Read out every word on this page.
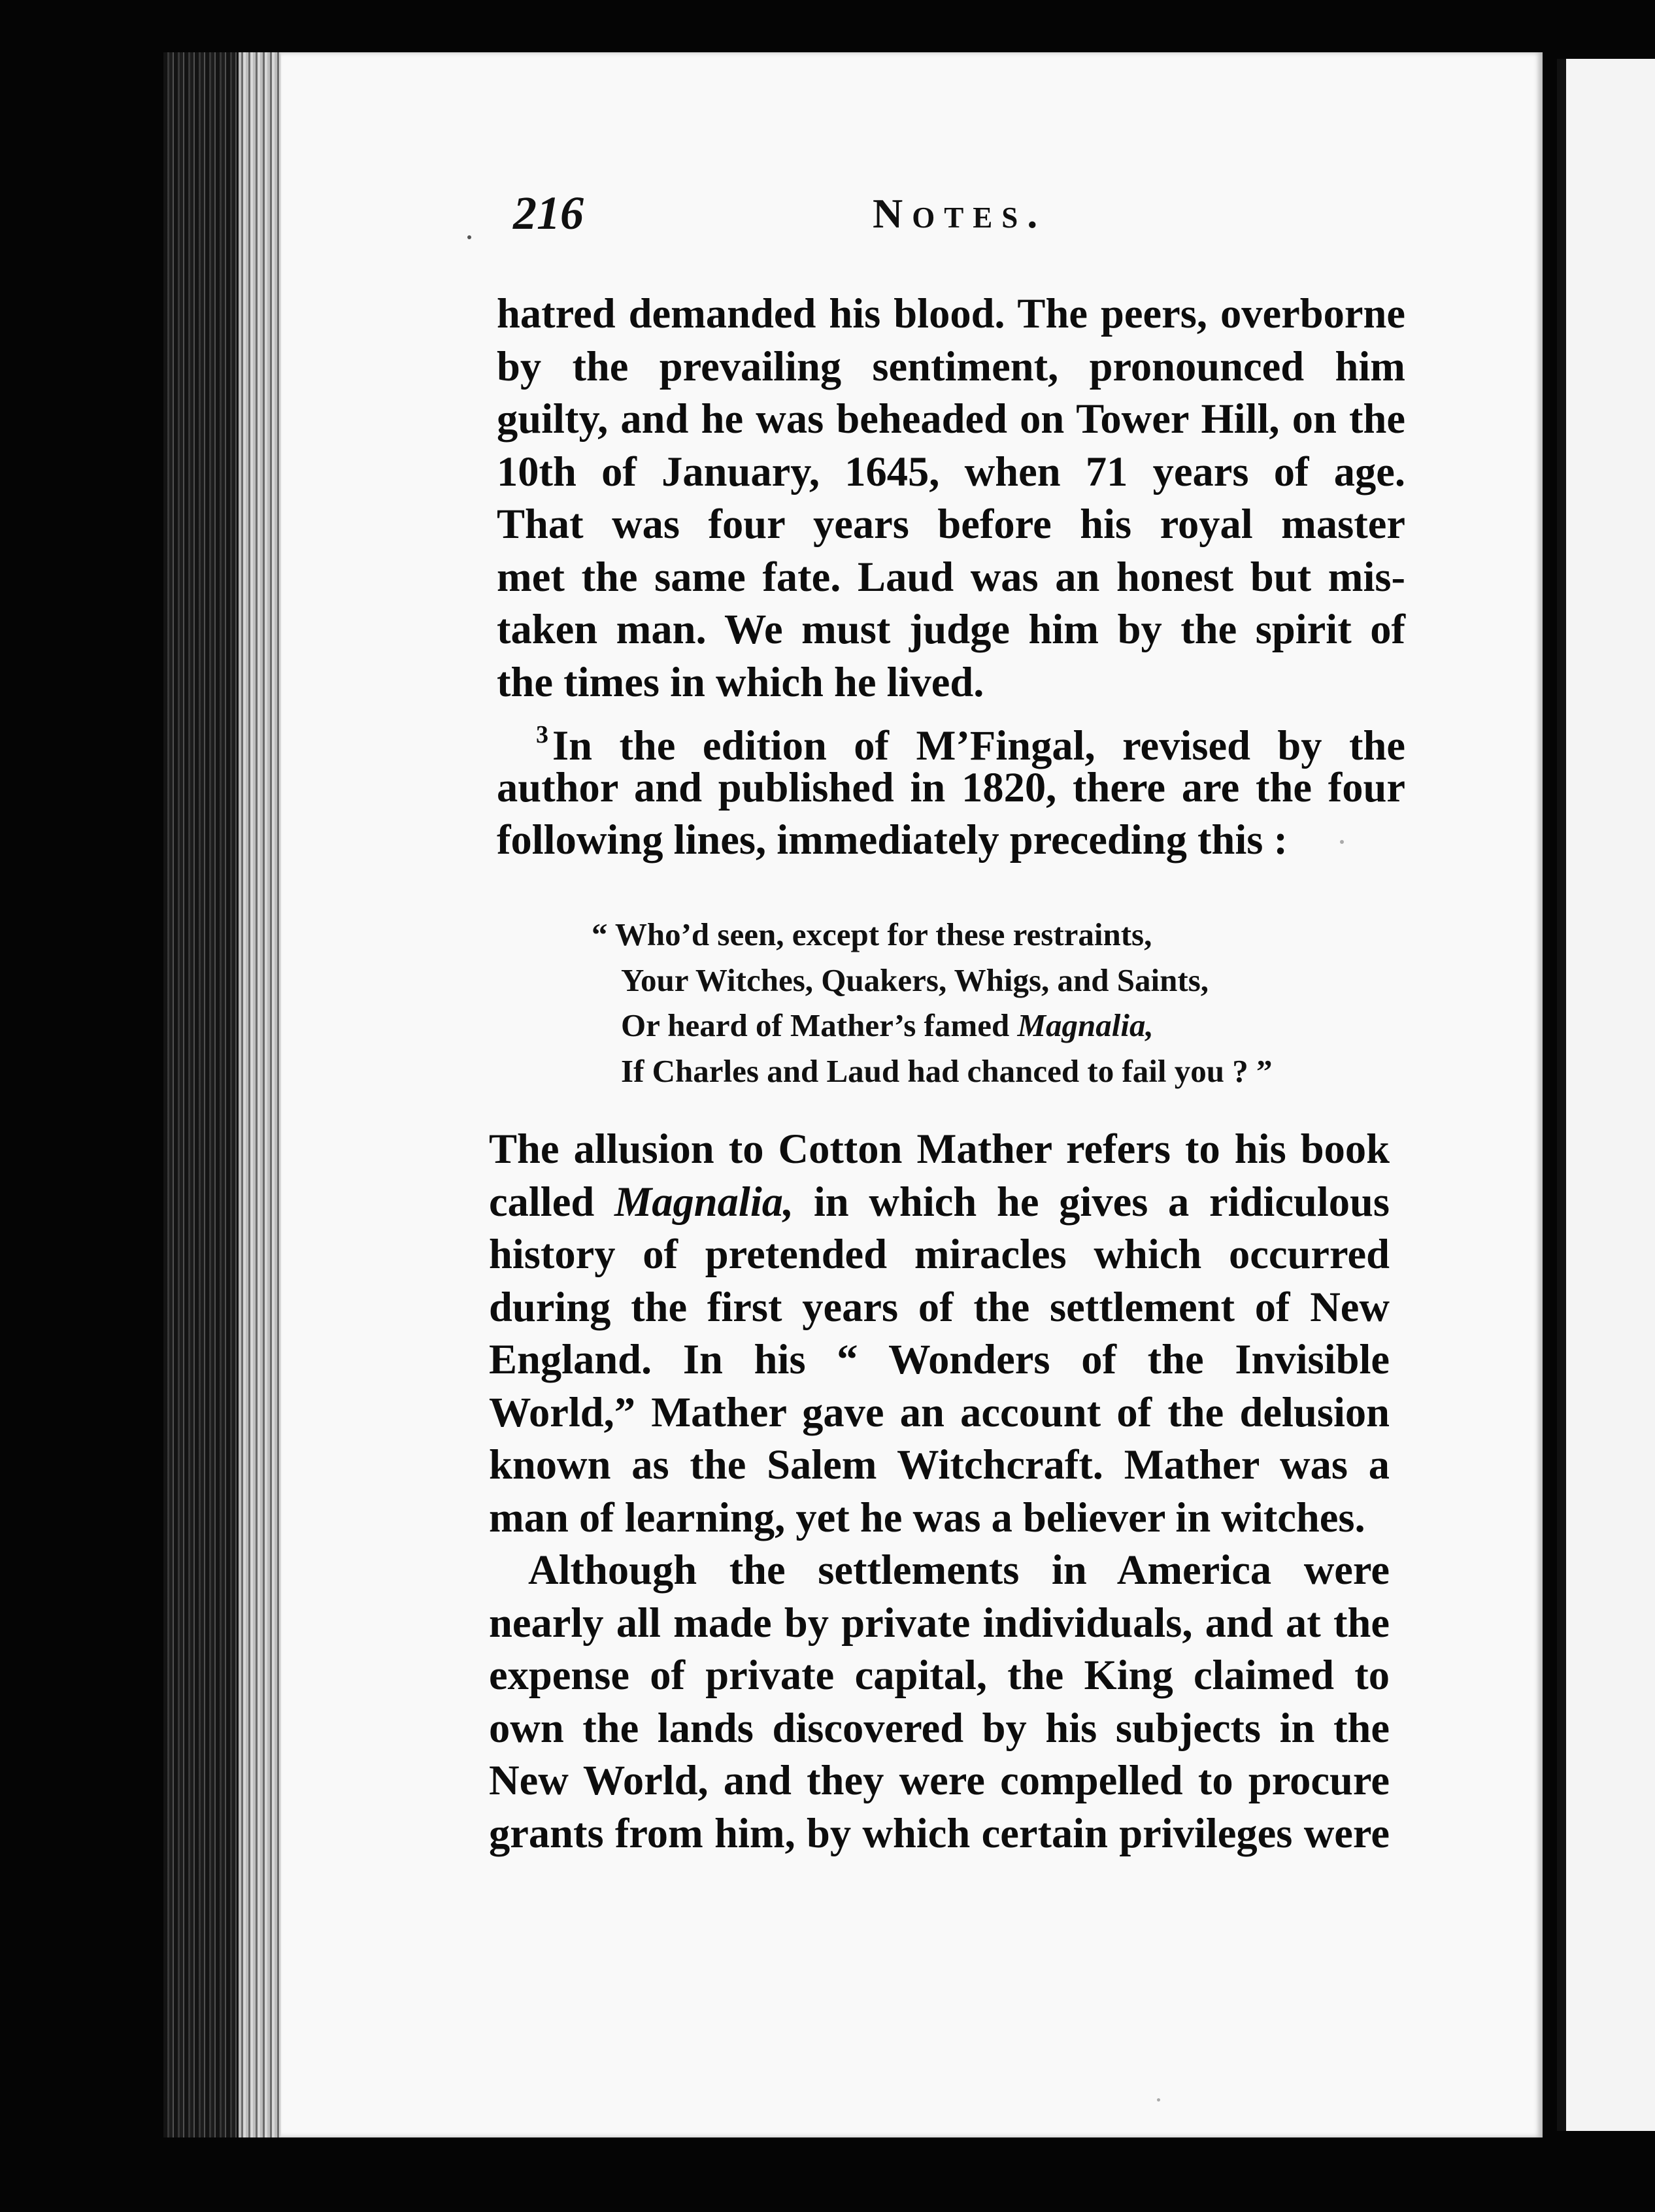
216	Notes.
hatred demanded his blood. The peers, overborne
by the prevailing sentiment, pronounced him
guilty, and he was beheaded on Tower Hill, on the
10th of January, 1645, when 71 years of age.
That was four years before his royal master
met the same fate. Laud was an honest but mis-
taken man. We must judge him by the spirit of
the times in which he lived.
$^3$In the edition of M’Fingal, revised by the
author and published in 1820, there are the four
following lines, immediately preceding this :
“ Who’d seen, except for these restraints,
Your Witches, Quakers, Whigs, and Saints,
Or heard of Mather’s famed Magnalia,
If Charles and Laud had chanced to fail you ? ”
The allusion to Cotton Mather refers to his book
called Magnalia, in which he gives a ridiculous
history of pretended miracles which occurred
during the first years of the settlement of New
England. In his “ Wonders of the Invisible
World,” Mather gave an account of the delusion
known as the Salem Witchcraft. Mather was a
man of learning, yet he was a believer in witches.
Although the settlements in America were
nearly all made by private individuals, and at the
expense of private capital, the King claimed to
own the lands discovered by his subjects in the
New World, and they were compelled to procure
grants from him, by which certain privileges were
